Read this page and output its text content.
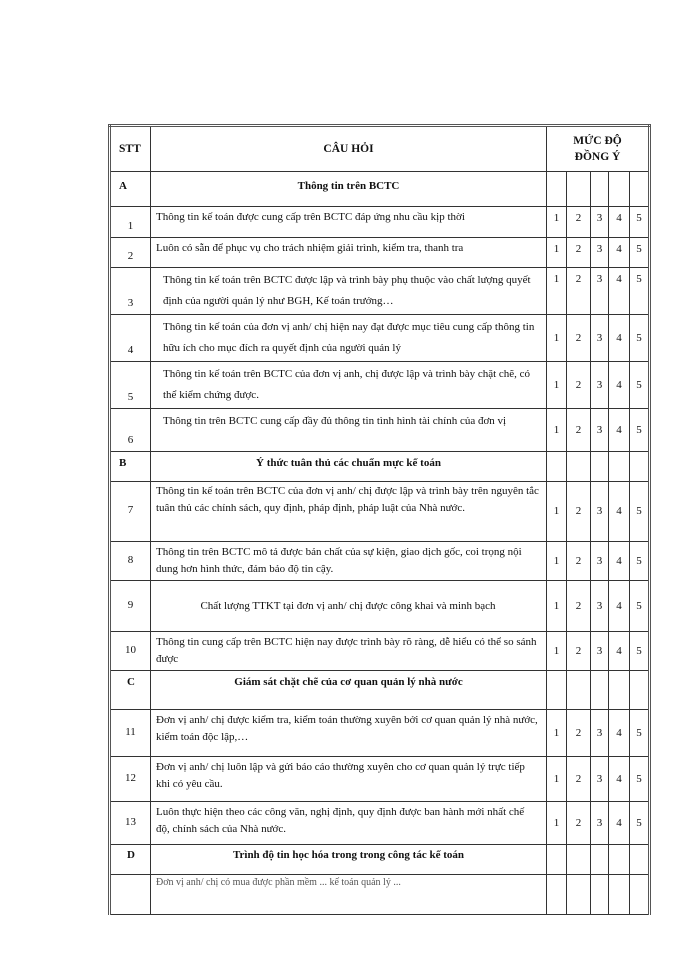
STT	CÂU HỎI	MỨC ĐỘ
ĐỒNG Ý				
A	Thông tin trên BCTC					
1	Thông tin kế toán được cung cấp trên BCTC đáp ứng nhu cầu kịp thời	1	2	3	4	5
2	Luôn có sẵn để phục vụ cho trách nhiệm giải trình, kiểm tra, thanh tra	1	2	3	4	5
3	Thông tin kế toán trên BCTC được lập và trình bày phụ thuộc vào chất lượng quyết định của người quản lý như BGH, Kế toán trưởng…	1	2	3	4	5
4	Thông tin kế toán của đơn vị anh/ chị hiện nay đạt được mục tiêu cung cấp thông tin hữu ích cho mục đích ra quyết định của người quản lý	1	2	3	4	5
5	Thông tin kế toán trên BCTC của đơn vị anh, chị được lập và trình bày chặt chẽ, có thể kiểm chứng được.	1	2	3	4	5
6	Thông tin trên BCTC cung cấp đầy đủ thông tin tình hình tài chính của đơn vị	1	2	3	4	5
B	Ý thức tuân thủ các chuẩn mực kế toán					
7	Thông tin kế toán trên BCTC của đơn vị anh/ chị được lập và trình bày trên nguyên tắc tuân thủ các chính sách, quy định, pháp định, pháp luật của Nhà nước.	1	2	3	4	5
8	Thông tin trên BCTC mô tả được bản chất của sự kiện, giao dịch gốc, coi trọng nội dung hơn hình thức, đảm bảo độ tin cậy.	1	2	3	4	5
9	Chất lượng TTKT tại đơn vị anh/ chị được công khai và minh bạch	1	2	3	4	5
10	Thông tin cung cấp trên BCTC hiện nay được trình bày rõ ràng, dễ hiểu có thể so sánh được	1	2	3	4	5
C	Giám sát chặt chẽ của cơ quan quản lý nhà nước					
11	Đơn vị anh/ chị được kiểm tra, kiểm toán thường xuyên bởi cơ quan quản lý nhà nước, kiểm toán độc lập,…	1	2	3	4	5
12	Đơn vị anh/ chị luôn lập và gửi báo cáo thường xuyên cho cơ quan quản lý trực tiếp khi có yêu cầu.	1	2	3	4	5
13	Luôn thực hiện theo các công văn, nghị định, quy định được ban hành mới nhất chế độ, chính sách của Nhà nước.	1	2	3	4	5
D	Trình độ tin học hóa trong trong công tác kế toán					
	Đơn vị anh/ chị có mua được phần mềm ... kế toán quản lý ...					
